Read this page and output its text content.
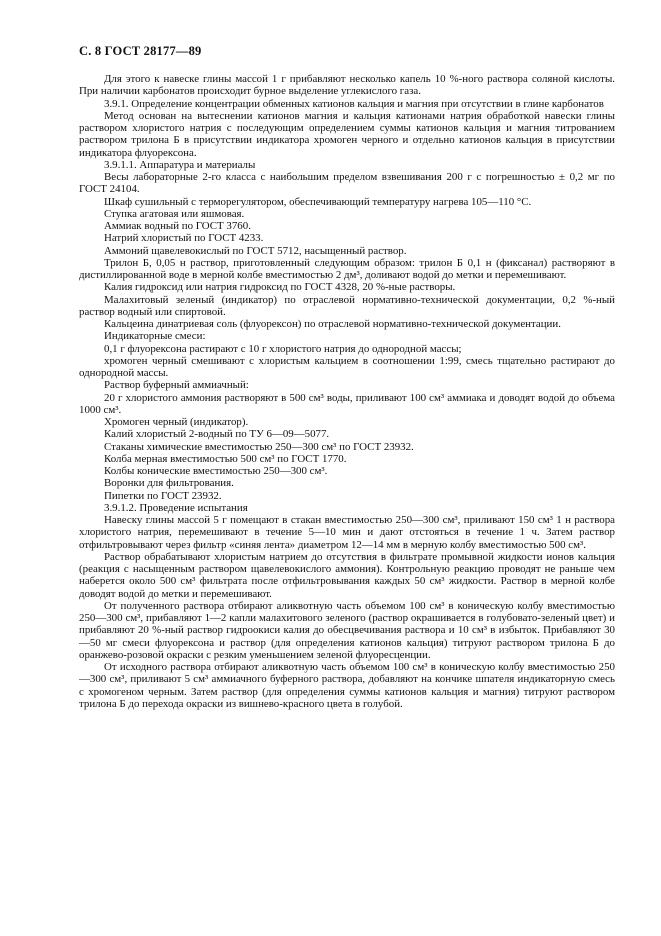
С. 8 ГОСТ 28177—89

Для этого к навеске глины массой 1 г прибавляют несколько капель 10 %-ного раствора соляной кислоты. При наличии карбонатов происходит бурное выделение углекислого газа.

3.9.1. Определение концентрации обменных катионов кальция и магния при отсутствии в глине карбонатов

Метод основан на вытеснении катионов магния и кальция катионами натрия обработкой навески глины раствором хлористого натрия с последующим определением суммы катионов кальция и магния титрованием раствором трилона Б в присутствии индикатора хромоген черного и отдельно катионов кальция в присутствии индикатора флуорексона.

3.9.1.1. Аппаратура и материалы

Весы лабораторные 2-го класса с наибольшим пределом взвешивания 200 г с погрешностью ± 0,2 мг по ГОСТ 24104.

Шкаф сушильный с терморегулятором, обеспечивающий температуру нагрева 105—110 °С.

Ступка агатовая или яшмовая.

Аммиак водный по ГОСТ 3760.

Натрий хлористый по ГОСТ 4233.

Аммоний щавелевокислый по ГОСТ 5712, насыщенный раствор.

Трилон Б, 0,05 н раствор, приготовленный следующим образом: трилон Б 0,1 н (фиксанал) растворяют в дистиллированной воде в мерной колбе вместимостью 2 дм³, доливают водой до метки и перемешивают.

Калия гидроксид или натрия гидроксид по ГОСТ 4328, 20 %-ные растворы.

Малахитовый зеленый (индикатор) по отраслевой нормативно-технической документации, 0,2 %-ный раствор водный или спиртовой.

Кальцеина динатриевая соль (флуорексон) по отраслевой нормативно-технической документации.

Индикаторные смеси:

0,1 г флуорексона растирают с 10 г хлористого натрия до однородной массы;

хромоген черный смешивают с хлористым кальцием в соотношении 1:99, смесь тщательно растирают до однородной массы.

Раствор буферный аммиачный:

20 г хлористого аммония растворяют в 500 см³ воды, приливают 100 см³ аммиака и доводят водой до объема 1000 см³.

Хромоген черный (индикатор).

Калий хлористый 2-водный по ТУ 6—09—5077.

Стаканы химические вместимостью 250—300 см³ по ГОСТ 23932.

Колба мерная вместимостью 500 см³ по ГОСТ 1770.

Колбы конические вместимостью 250—300 см³.

Воронки для фильтрования.

Пипетки по ГОСТ 23932.

3.9.1.2. Проведение испытания

Навеску глины массой 5 г помещают в стакан вместимостью 250—300 см³, приливают 150 см³ 1 н раствора хлористого натрия, перемешивают в течение 5—10 мин и дают отстояться в течение 1 ч. Затем раствор отфильтровывают через фильтр «синяя лента» диаметром 12—14 мм в мерную колбу вместимостью 500 см³.

Раствор обрабатывают хлористым натрием до отсутствия в фильтрате промывной жидкости ионов кальция (реакция с насыщенным раствором щавелевокислого аммония). Контрольную реакцию проводят не раньше чем наберется около 500 см³ фильтрата после отфильтровывания каждых 50 см³ жидкости. Раствор в мерной колбе доводят водой до метки и перемешивают.

От полученного раствора отбирают аликвотную часть объемом 100 см³ в коническую колбу вместимостью 250—300 см³, прибавляют 1—2 капли малахитового зеленого (раствор окрашивается в голубовато-зеленый цвет) и прибавляют 20 %-ный раствор гидроокиси калия до обесцвечивания раствора и 10 см³ в избыток. Прибавляют 30—50 мг смеси флуорексона и раствор (для определения катионов кальция) титруют раствором трилона Б до оранжево-розовой окраски с резким уменьшением зеленой флуоресценции.

От исходного раствора отбирают аликвотную часть объемом 100 см³ в коническую колбу вместимостью 250—300 см³, приливают 5 см³ аммиачного буферного раствора, добавляют на кончике шпателя индикаторную смесь с хромогеном черным. Затем раствор (для определения суммы катионов кальция и магния) титруют раствором трилона Б до перехода окраски из вишнево-красного цвета в голубой.
